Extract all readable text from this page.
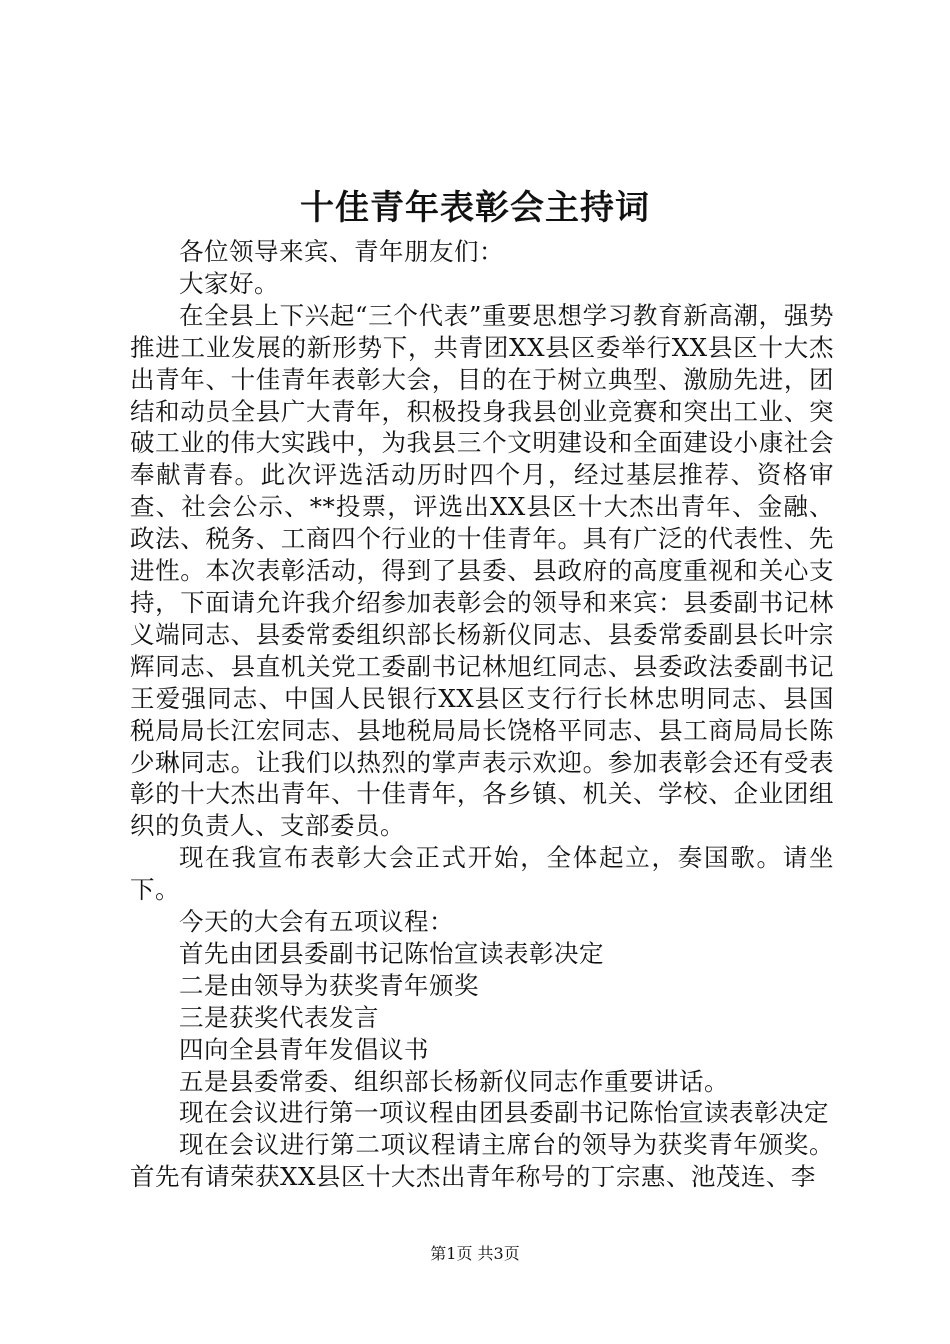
十佳青年表彰会主持词

各位领导来宾、青年朋友们：

大家好。

在全县上下兴起“三个代表”重要思想学习教育新高潮，强势推进工业发展的新形势下，共青团XX县区委举行XX县区十大杰出青年、十佳青年表彰大会，目的在于树立典型、激励先进，团结和动员全县广大青年，积极投身我县创业竞赛和突出工业、突破工业的伟大实践中，为我县三个文明建设和全面建设小康社会奉献青春。此次评选活动历时四个月，经过基层推荐、资格审查、社会公示、**投票，评选出XX县区十大杰出青年、金融、政法、税务、工商四个行业的十佳青年。具有广泛的代表性、先进性。本次表彰活动，得到了县委、县政府的高度重视和关心支持，下面请允许我介绍参加表彰会的领导和来宾：县委副书记林义端同志、县委常委组织部长杨新仪同志、县委常委副县长叶宗辉同志、县直机关党工委副书记林旭红同志、县委政法委副书记王爱强同志、中国人民银行XX县区支行行长林忠明同志、县国税局局长江宏同志、县地税局局长饶格平同志、县工商局局长陈少琳同志。让我们以热烈的掌声表示欢迎。参加表彰会还有受表彰的十大杰出青年、十佳青年，各乡镇、机关、学校、企业团组织的负责人、支部委员。

现在我宣布表彰大会正式开始，全体起立，奏国歌。请坐下。

今天的大会有五项议程：

首先由团县委副书记陈怡宣读表彰决定

二是由领导为获奖青年颁奖

三是获奖代表发言

四向全县青年发倡议书

五是县委常委、组织部长杨新仪同志作重要讲话。

现在会议进行第一项议程由团县委副书记陈怡宣读表彰决定

现在会议进行第二项议程请主席台的领导为获奖青年颁奖。首先有请荣获XX县区十大杰出青年称号的丁宗惠、池茂连、李

第1页 共3页
